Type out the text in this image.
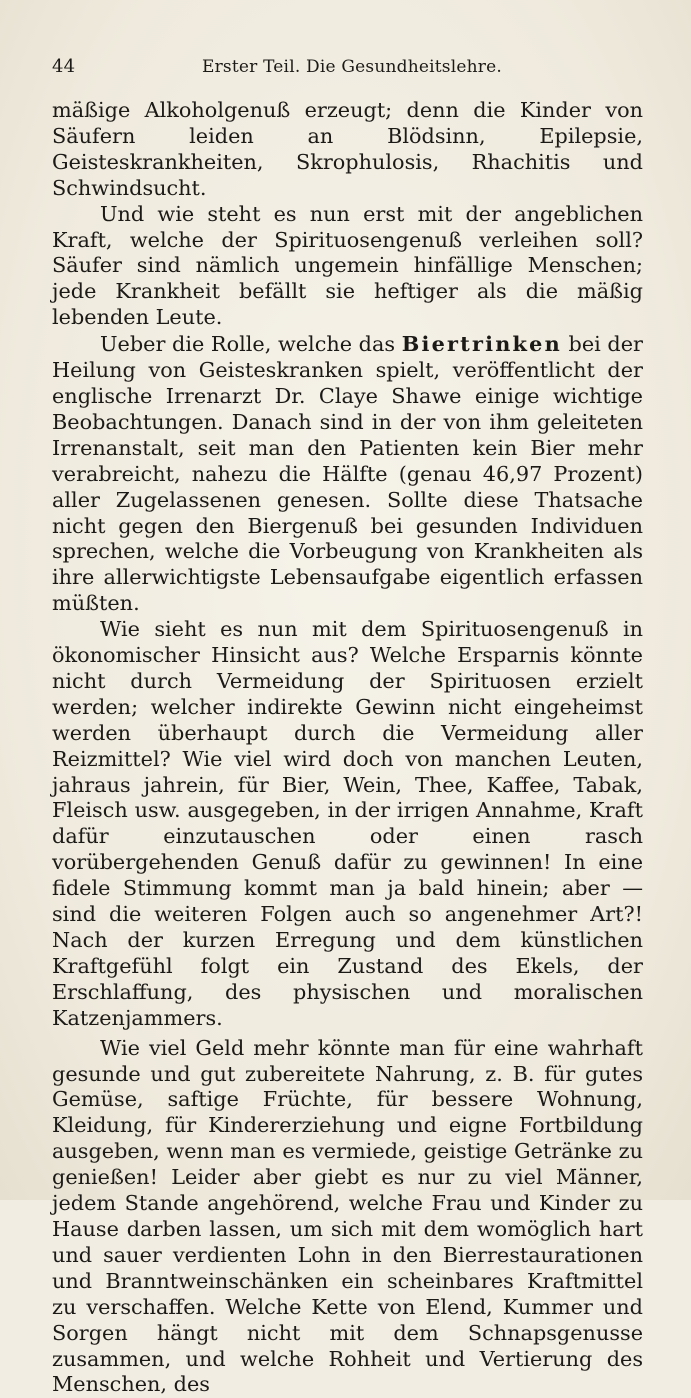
44	Erster Teil. Die Gesundheitslehre.

mäßige Alkoholgenuß erzeugt; denn die Kinder von Säufern leiden an Blödsinn, Epilepsie, Geisteskrankheiten, Skrophulosis, Rhachitis und Schwindsucht.

Und wie steht es nun erst mit der angeblichen Kraft, welche der Spirituosengenuß verleihen soll? Säufer sind nämlich ungemein hinfällige Menschen; jede Krankheit befällt sie heftiger als die mäßig lebenden Leute.

Ueber die Rolle, welche das Biertrinken bei der Heilung von Geisteskranken spielt, veröffentlicht der englische Irrenarzt Dr. Claye Shawe einige wichtige Beobachtungen. Danach sind in der von ihm geleiteten Irrenanstalt, seit man den Patienten kein Bier mehr verabreicht, nahezu die Hälfte (genau 46,97 Prozent) aller Zugelassenen genesen. Sollte diese Thatsache nicht gegen den Biergenuß bei gesunden Individuen sprechen, welche die Vorbeugung von Krankheiten als ihre allerwichtigste Lebensaufgabe eigentlich erfassen müßten.

Wie sieht es nun mit dem Spirituosengenuß in ökonomischer Hinsicht aus? Welche Ersparnis könnte nicht durch Vermeidung der Spirituosen erzielt werden; welcher indirekte Gewinn nicht eingeheimst werden überhaupt durch die Vermeidung aller Reizmittel? Wie viel wird doch von manchen Leuten, jahraus jahrein, für Bier, Wein, Thee, Kaffee, Tabak, Fleisch usw. ausgegeben, in der irrigen Annahme, Kraft dafür einzutauschen oder einen rasch vorübergehenden Genuß dafür zu gewinnen! In eine fidele Stimmung kommt man ja bald hinein; aber — sind die weiteren Folgen auch so angenehmer Art?! Nach der kurzen Erregung und dem künstlichen Kraftgefühl folgt ein Zustand des Ekels, der Erschlaffung, des physischen und moralischen Katzenjammers.

Wie viel Geld mehr könnte man für eine wahrhaft gesunde und gut zubereitete Nahrung, z. B. für gutes Gemüse, saftige Früchte, für bessere Wohnung, Kleidung, für Kindererziehung und eigne Fortbildung ausgeben, wenn man es vermiede, geistige Getränke zu genießen! Leider aber giebt es nur zu viel Männer, jedem Stande angehörend, welche Frau und Kinder zu Hause darben lassen, um sich mit dem womöglich hart und sauer verdienten Lohn in den Bierrestaurationen und Branntweinschänken ein scheinbares Kraftmittel zu verschaffen. Welche Kette von Elend, Kummer und Sorgen hängt nicht mit dem Schnapsgenusse zusammen, und welche Rohheit und Vertierung des Menschen, des
